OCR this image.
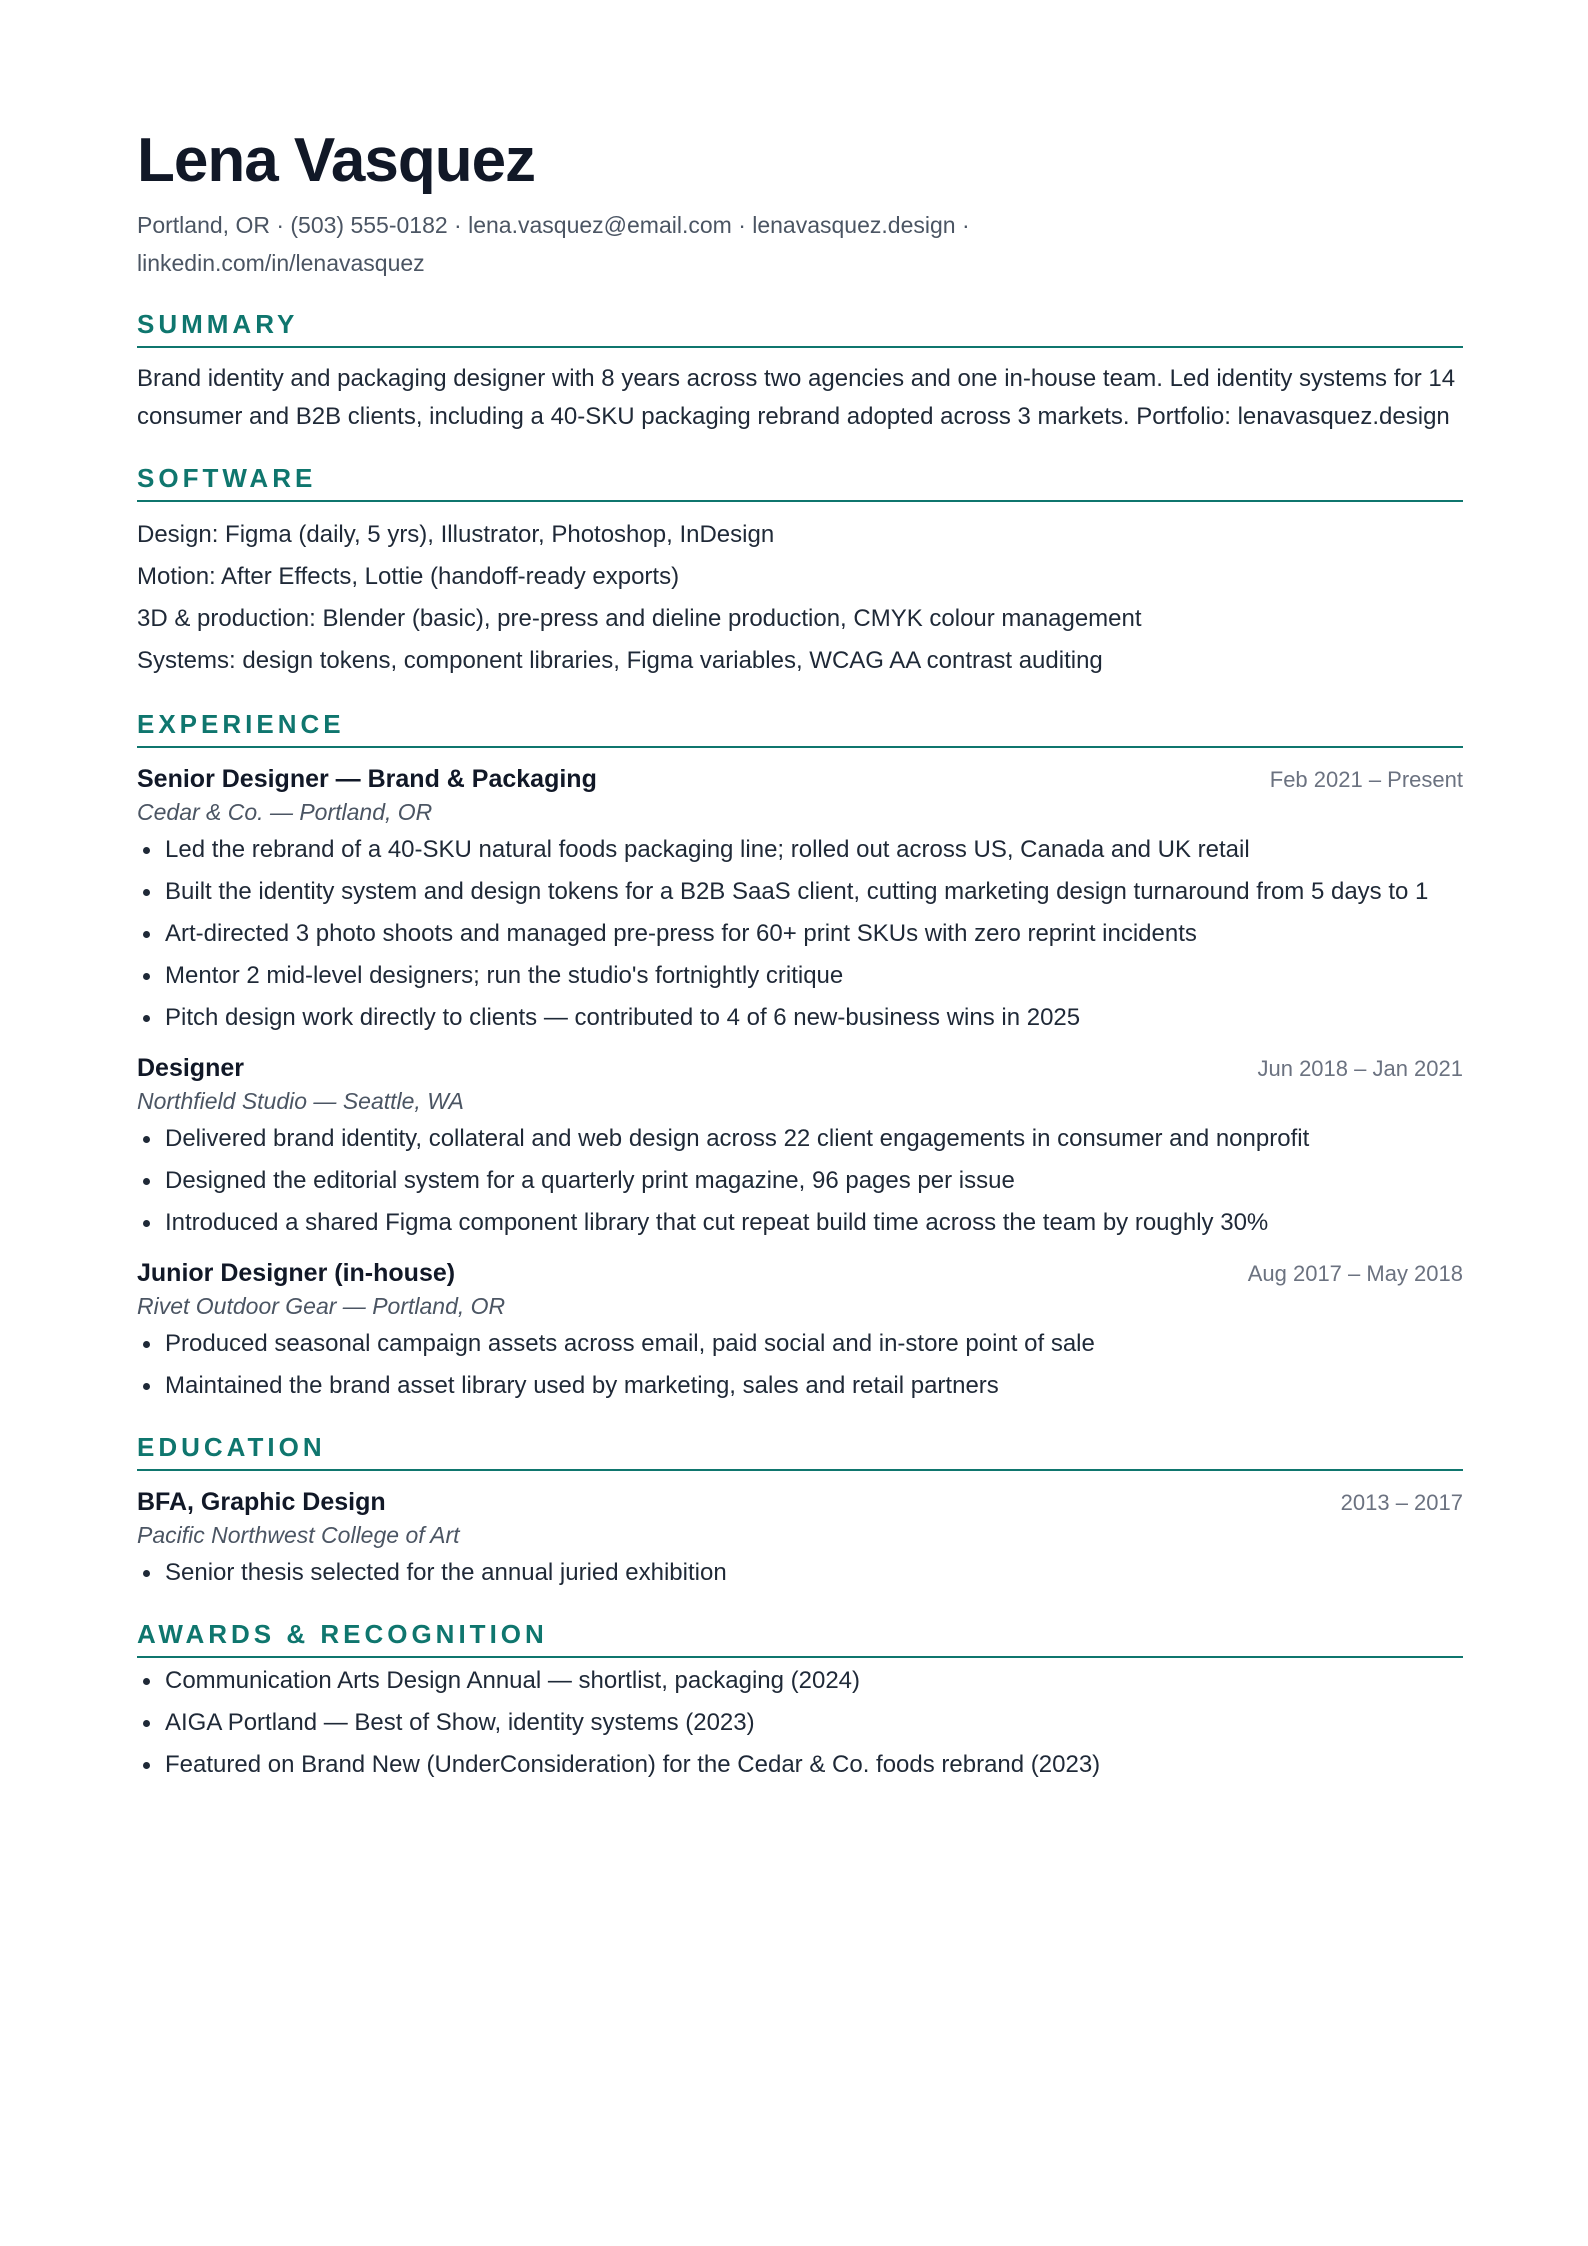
Lena Vasquez
Portland, OR · (503) 555-0182 · lena.vasquez@email.com · lenavasquez.design · linkedin.com/in/lenavasquez
SUMMARY
Brand identity and packaging designer with 8 years across two agencies and one in-house team. Led identity systems for 14 consumer and B2B clients, including a 40-SKU packaging rebrand adopted across 3 markets. Portfolio: lenavasquez.design
SOFTWARE
Design: Figma (daily, 5 yrs), Illustrator, Photoshop, InDesign
Motion: After Effects, Lottie (handoff-ready exports)
3D & production: Blender (basic), pre-press and dieline production, CMYK colour management
Systems: design tokens, component libraries, Figma variables, WCAG AA contrast auditing
EXPERIENCE
Senior Designer — Brand & Packaging	Feb 2021 – Present
Cedar & Co. — Portland, OR
Led the rebrand of a 40-SKU natural foods packaging line; rolled out across US, Canada and UK retail
Built the identity system and design tokens for a B2B SaaS client, cutting marketing design turnaround from 5 days to 1
Art-directed 3 photo shoots and managed pre-press for 60+ print SKUs with zero reprint incidents
Mentor 2 mid-level designers; run the studio's fortnightly critique
Pitch design work directly to clients — contributed to 4 of 6 new-business wins in 2025
Designer	Jun 2018 – Jan 2021
Northfield Studio — Seattle, WA
Delivered brand identity, collateral and web design across 22 client engagements in consumer and nonprofit
Designed the editorial system for a quarterly print magazine, 96 pages per issue
Introduced a shared Figma component library that cut repeat build time across the team by roughly 30%
Junior Designer (in-house)	Aug 2017 – May 2018
Rivet Outdoor Gear — Portland, OR
Produced seasonal campaign assets across email, paid social and in-store point of sale
Maintained the brand asset library used by marketing, sales and retail partners
EDUCATION
BFA, Graphic Design	2013 – 2017
Pacific Northwest College of Art
Senior thesis selected for the annual juried exhibition
AWARDS & RECOGNITION
Communication Arts Design Annual — shortlist, packaging (2024)
AIGA Portland — Best of Show, identity systems (2023)
Featured on Brand New (UnderConsideration) for the Cedar & Co. foods rebrand (2023)
